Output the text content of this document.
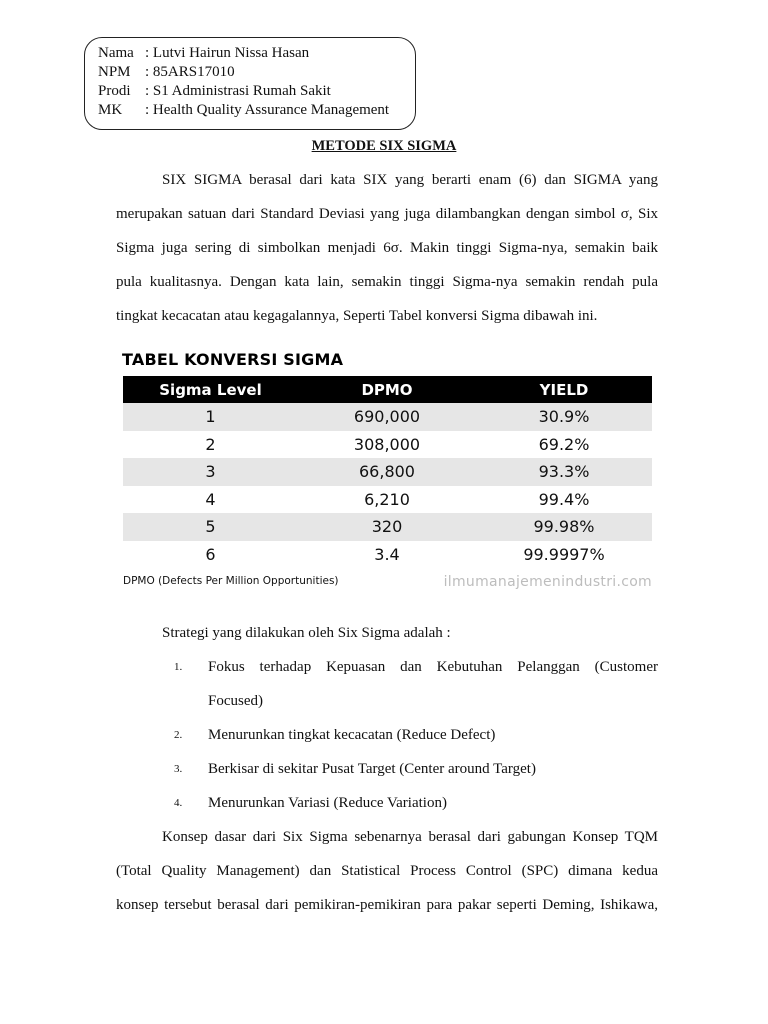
Nama : Lutvi Hairun Nissa Hasan
NPM : 85ARS17010
Prodi : S1 Administrasi Rumah Sakit
MK	: Health Quality Assurance Management
METODE SIX SIGMA
SIX SIGMA berasal dari kata SIX yang berarti enam (6) dan SIGMA yang
merupakan satuan dari Standard Deviasi yang juga dilambangkan dengan simbol σ, Six
Sigma juga sering di simbolkan menjadi 6σ. Makin tinggi Sigma-nya, semakin baik
pula kualitasnya. Dengan kata lain, semakin tinggi Sigma-nya semakin rendah pula
tingkat kecacatan atau kegagalannya, Seperti Tabel konversi Sigma dibawah ini.
TABEL KONVERSI SIGMA
Sigma Level	DPMO	YIELD
1	690,000	30.9%
2	308,000	69.2%
3	66,800	93.3%
4	6,210	99.4%
5	320	99.98%
6	3.4	99.9997%
DPMO (Defects Per Million Opportunities)	ilmumanajemenindustri.com
Strategi yang dilakukan oleh Six Sigma adalah :
1. Fokus terhadap Kepuasan dan Kebutuhan Pelanggan (Customer
Focused)
2. Menurunkan tingkat kecacatan (Reduce Defect)
3. Berkisar di sekitar Pusat Target (Center around Target)
4. Menurunkan Variasi (Reduce Variation)
Konsep dasar dari Six Sigma sebenarnya berasal dari gabungan Konsep TQM
(Total Quality Management) dan Statistical Process Control (SPC) dimana kedua
konsep tersebut berasal dari pemikiran-pemikiran para pakar seperti Deming, Ishikawa,
